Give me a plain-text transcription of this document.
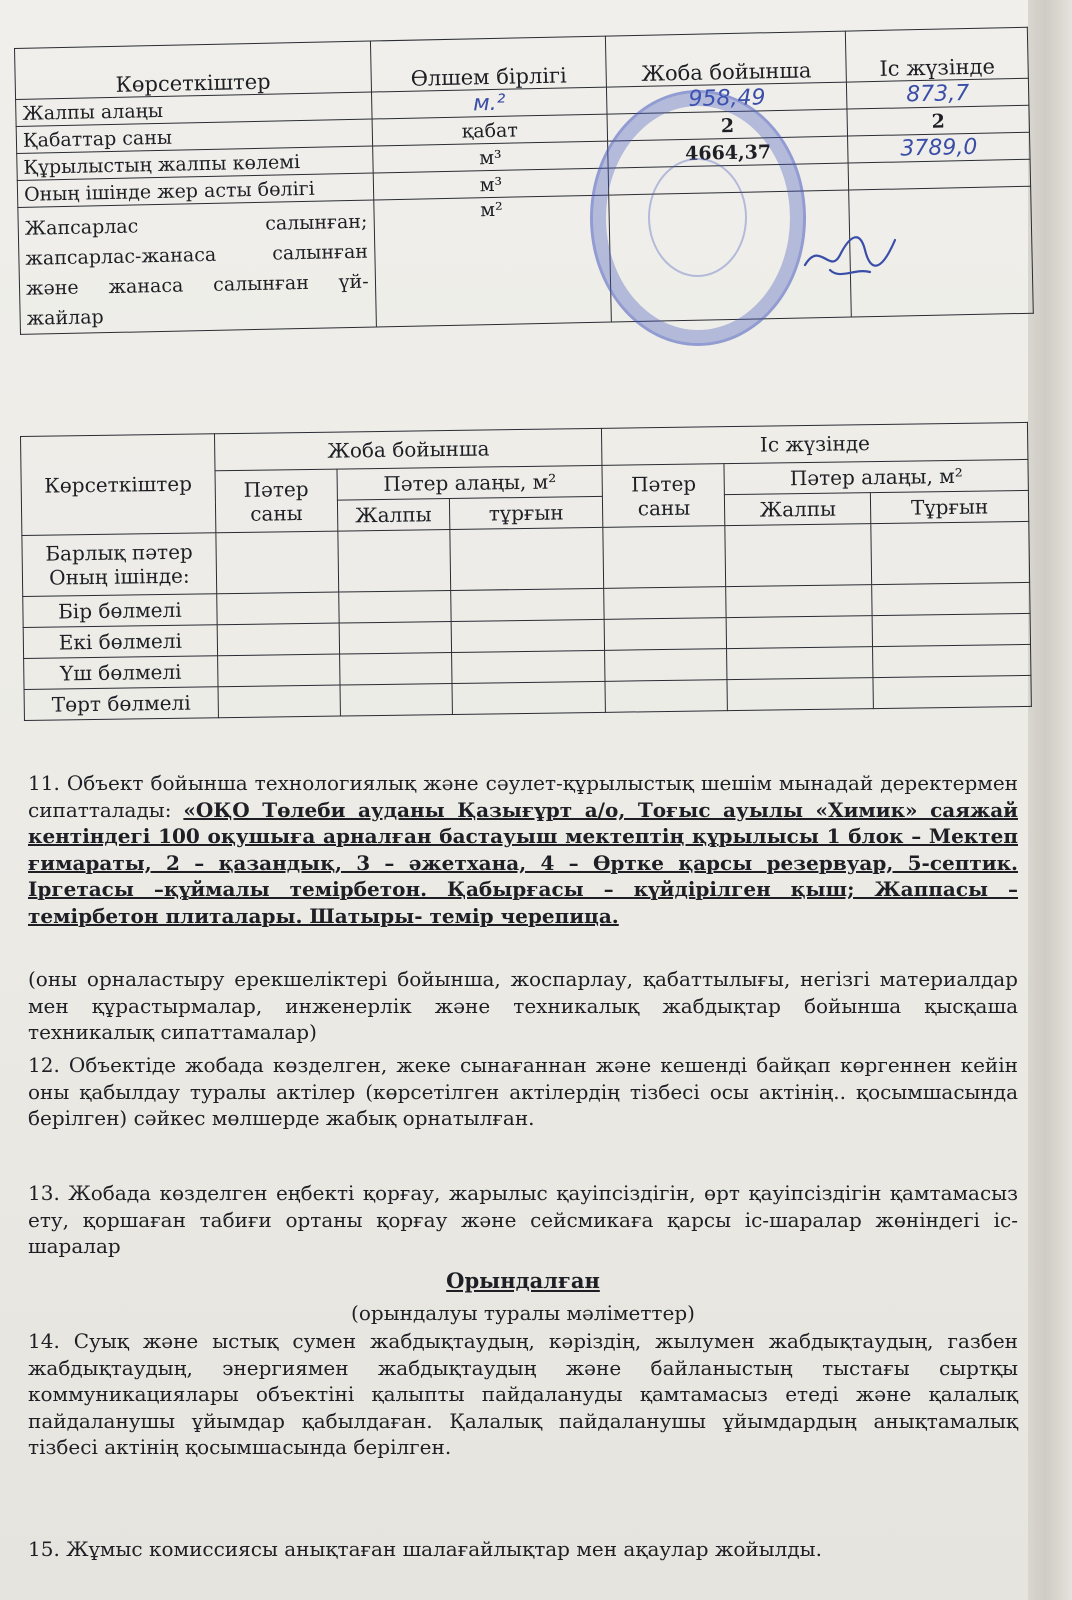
Көрсеткіштер	Өлшем бірлігі	Жоба бойынша	Іс жүзінде
Жалпы алаңы	м.²	958,49	873,7
Қабаттар саны	қабат	2	2
Құрылыстың жалпы көлемі	м³	4664,37	3789,0
Оның ішінде жер асты бөлігі	м³		
Жапсарлас салынған; жапсарлас-жанаса салынған және жанаса салынған үй-жайлар	м²		
Көрсеткіштер	Жоба бойынша			Іс жүзінде		
	Пәтер саны	Пәтер алаңы, м²		Пәтер саны	Пәтер алаңы, м²	
		Жалпы	тұрғын		Жалпы	Тұрғын

Барлық пәтер
Оның ішінде:						

Бір бөлмелі						
Екі бөлмелі						
Үш бөлмелі						
Төрт бөлмелі						
11. Объект бойынша технологиялық және сәулет-құрылыстық шешім мынадай деректермен сипатталады: «ОҚО Төлеби ауданы Қазығұрт а/о, Тоғыс ауылы «Химик» саяжай кентіндегі 100 оқушыға арналған бастауыш мектептің құрылысы 1 блок – Мектеп ғимараты, 2 – қазандық, 3 – әжетхана, 4 – Өртке қарсы резервуар, 5-септик. Іргетасы –құймалы темірбетон. Қабырғасы – күйдірілген қыш; Жаппасы – темірбетон плиталары. Шатыры- темір черепица.
(оны орналастыру ерекшеліктері бойынша, жоспарлау, қабаттылығы, негізгі материалдар мен құрастырмалар, инженерлік және техникалық жабдықтар бойынша қысқаша техникалық сипаттамалар)
12. Объектіде жобада көзделген, жеке сынағаннан және кешенді байқап көргеннен кейін оны қабылдау туралы актілер (көрсетілген актілердің тізбесі осы актінің.. қосымшасында берілген) сәйкес мөлшерде жабық орнатылған.
13. Жобада көзделген еңбекті қорғау, жарылыс қауіпсіздігін, өрт қауіпсіздігін қамтамасыз ету, қоршаған табиғи ортаны қорғау және сейсмикаға қарсы іс-шаралар жөніндегі іс-шаралар
Орындалған
(орындалуы туралы мәліметтер)
14. Суық және ыстық сумен жабдықтаудың, кәріздің, жылумен жабдықтаудың, газбен жабдықтаудың, энергиямен жабдықтаудың және байланыстың тыстағы сыртқы коммуникациялары объектіні қалыпты пайдалануды қамтамасыз етеді және қалалық пайдаланушы ұйымдар қабылдаған. Қалалық пайдаланушы ұйымдардың анықтамалық тізбесі актінің қосымшасында берілген.
15. Жұмыс комиссиясы анықтаған шалағайлықтар мен ақаулар жойылды.
